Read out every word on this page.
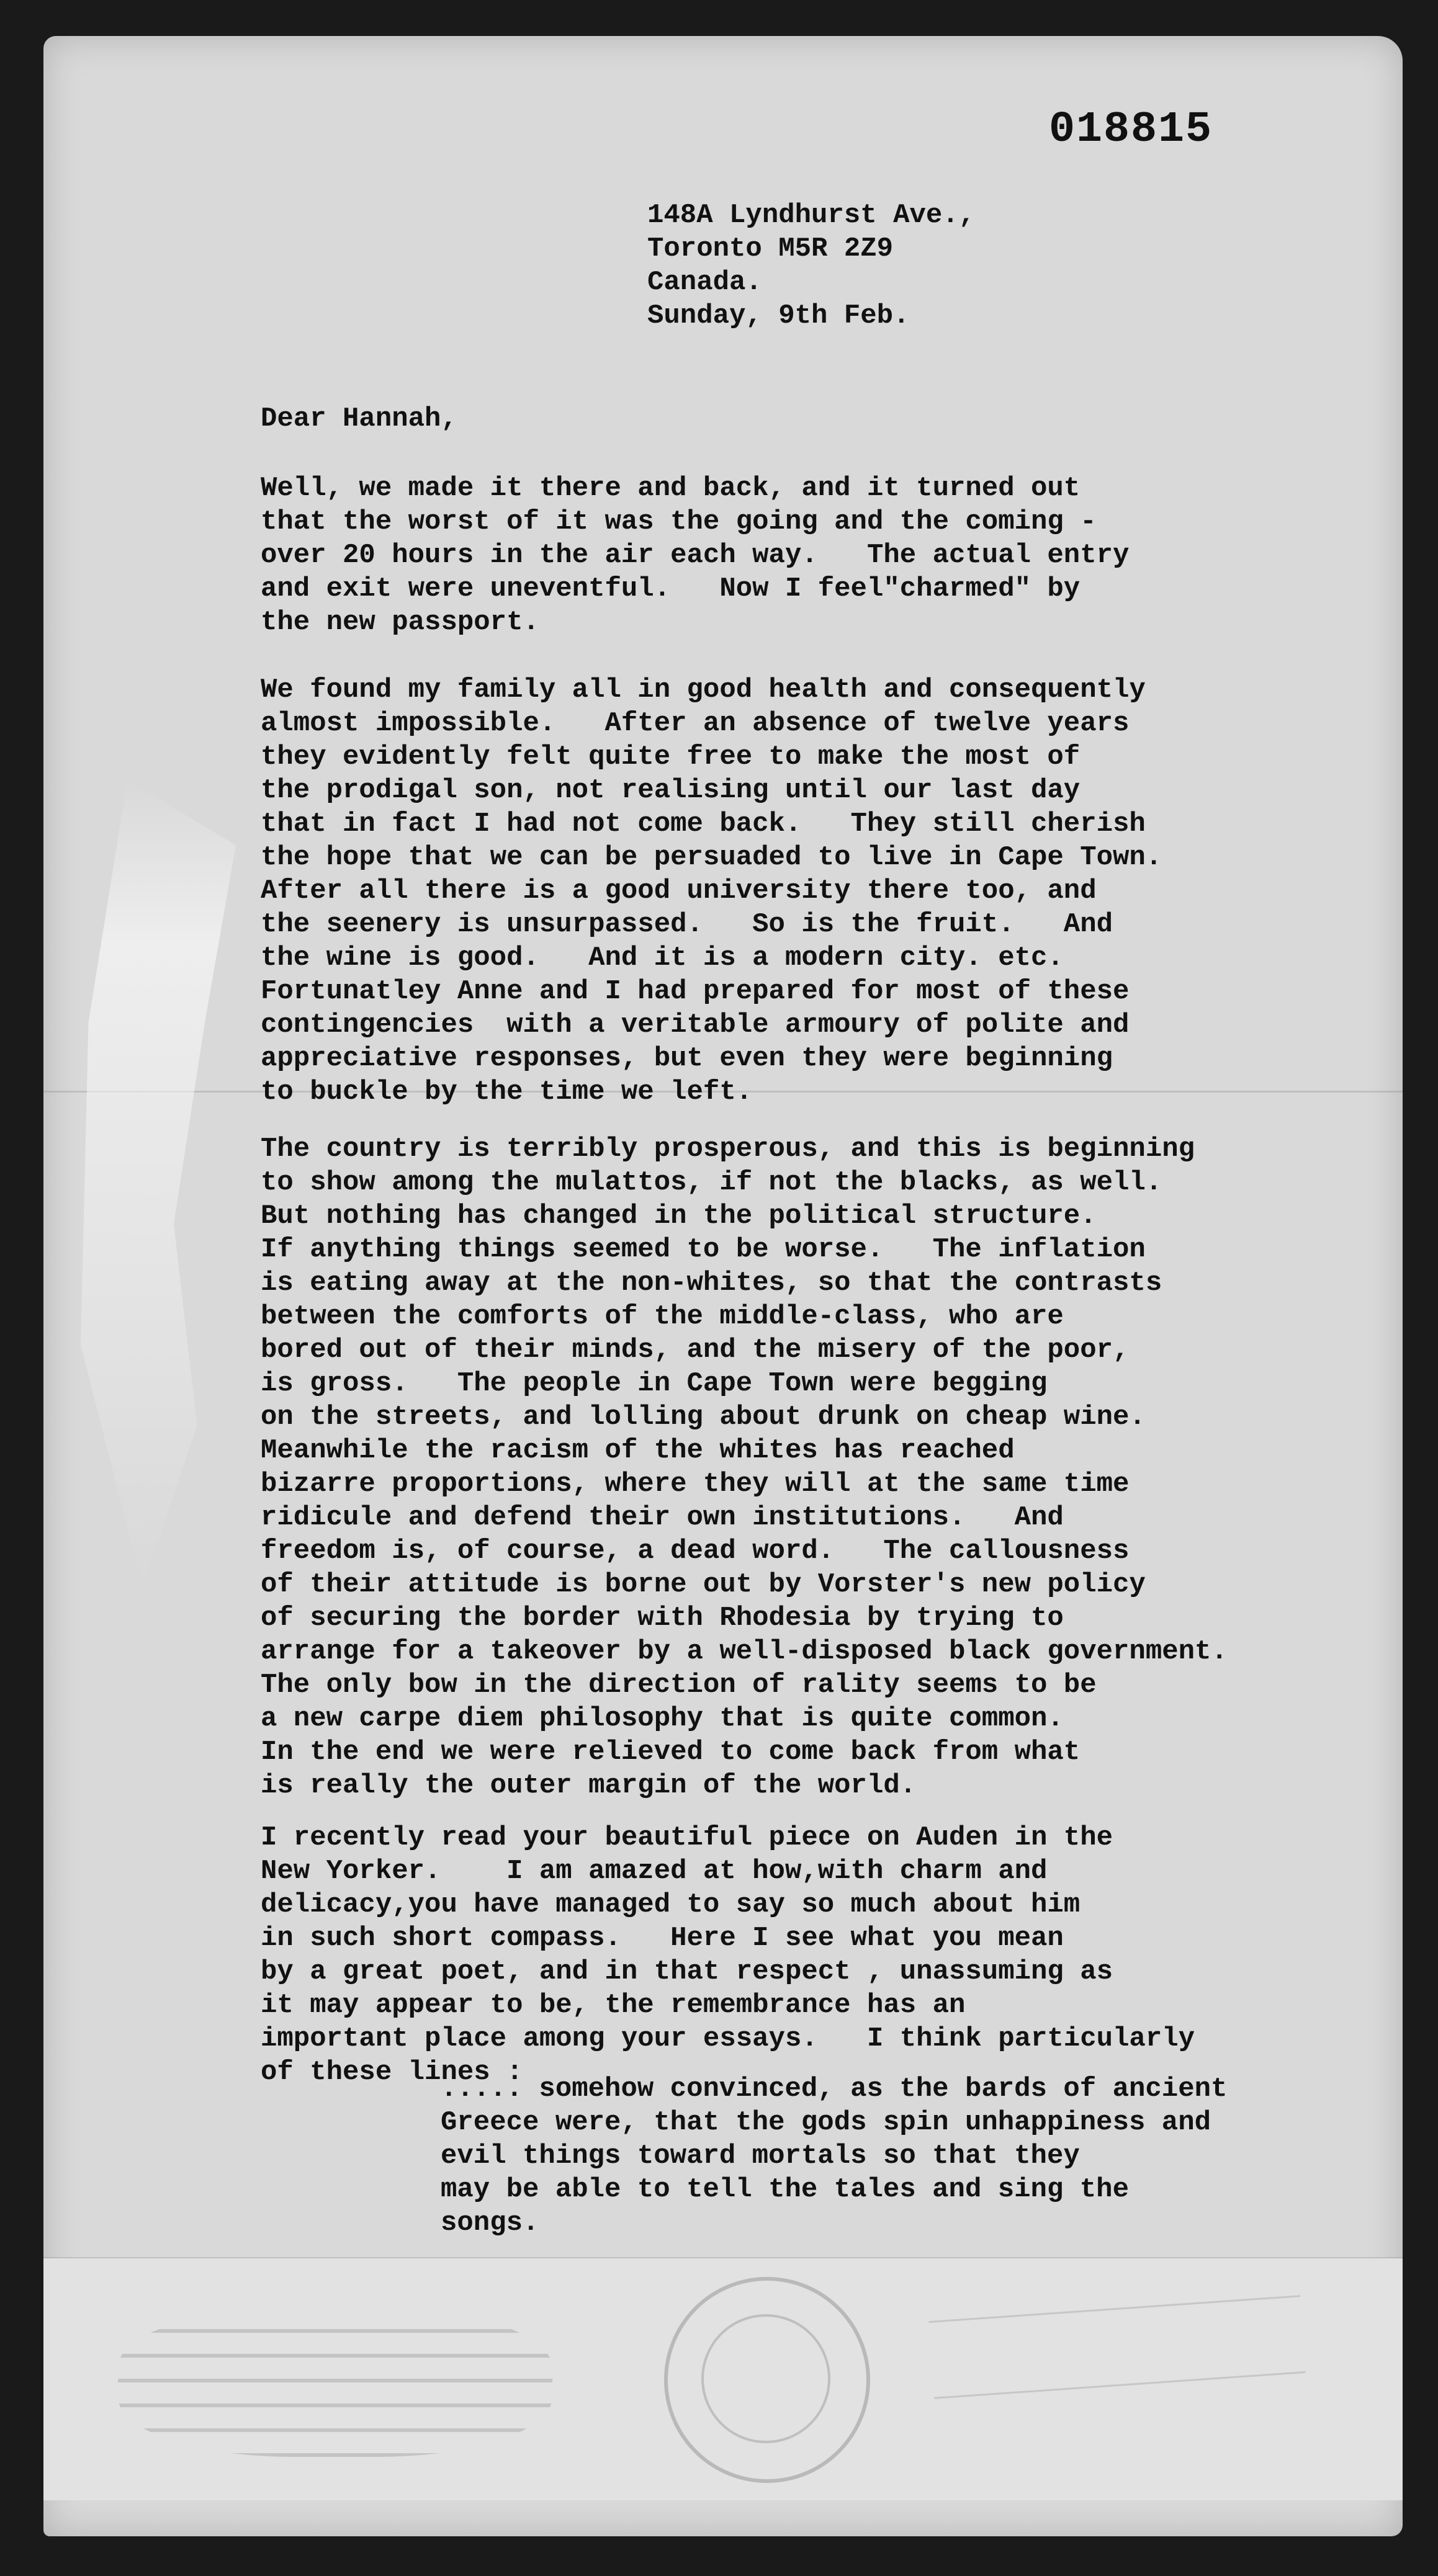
018815
148A Lyndhurst Ave.,
Toronto M5R 2Z9
Canada.
Sunday, 9th Feb.
Dear Hannah,
Well, we made it there and back, and it turned out
that the worst of it was the going and the coming -
over 20 hours in the air each way.   The actual entry
and exit were uneventful.   Now I feel"charmed" by
the new passport.
We found my family all in good health and consequently
almost impossible.   After an absence of twelve years
they evidently felt quite free to make the most of
the prodigal son, not realising until our last day
that in fact I had not come back.   They still cherish
the hope that we can be persuaded to live in Cape Town.
After all there is a good university there too, and
the seenery is unsurpassed.   So is the fruit.   And
the wine is good.   And it is a modern city. etc.
Fortunatley Anne and I had prepared for most of these
contingencies  with a veritable armoury of polite and
appreciative responses, but even they were beginning
to buckle by the time we left.
The country is terribly prosperous, and this is beginning
to show among the mulattos, if not the blacks, as well.
But nothing has changed in the political structure.
If anything things seemed to be worse.   The inflation
is eating away at the non-whites, so that the contrasts
between the comforts of the middle-class, who are
bored out of their minds, and the misery of the poor,
is gross.   The people in Cape Town were begging
on the streets, and lolling about drunk on cheap wine.
Meanwhile the racism of the whites has reached
bizarre proportions, where they will at the same time
ridicule and defend their own institutions.   And
freedom is, of course, a dead word.   The callousness
of their attitude is borne out by Vorster's new policy
of securing the border with Rhodesia by trying to
arrange for a takeover by a well-disposed black government.
The only bow in the direction of rality seems to be
a new carpe diem philosophy that is quite common.
In the end we were relieved to come back from what
is really the outer margin of the world.
I recently read your beautiful piece on Auden in the
New Yorker.    I am amazed at how,with charm and
delicacy,you have managed to say so much about him
in such short compass.   Here I see what you mean
by a great poet, and in that respect , unassuming as
it may appear to be, the remembrance has an
important place among your essays.   I think particularly
of these lines :
..... somehow convinced, as the bards of ancient
Greece were, that the gods spin unhappiness and
evil things toward mortals so that they
may be able to tell the tales and sing the
songs.
